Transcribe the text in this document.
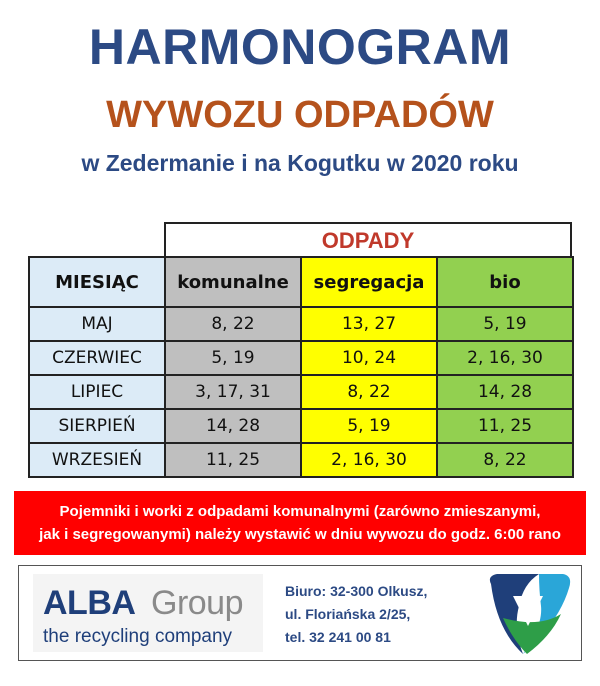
HARMONOGRAM
WYWOZU ODPADÓW
w Zedermanie i na Kogutku w 2020 roku
ODPADY
MIESIĄC	komunalne	segregacja	bio
MAJ	8, 22	13, 27	5, 19
CZERWIEC	5, 19	10, 24	2, 16, 30
LIPIEC	3, 17, 31	8, 22	14, 28
SIERPIEŃ	14, 28	5, 19	11, 25
WRZESIEŃ	11, 25	2, 16, 30	8, 22
Pojemniki i worki z odpadami komunalnymi (zarówno zmieszanymi,
jak i segregowanymi) należy wystawić w dniu wywozu do godz. 6:00 rano
ALBA Group
the recycling company
Biuro: 32-300 Olkusz,
ul. Floriańska 2/25,
tel. 32 241 00 81
